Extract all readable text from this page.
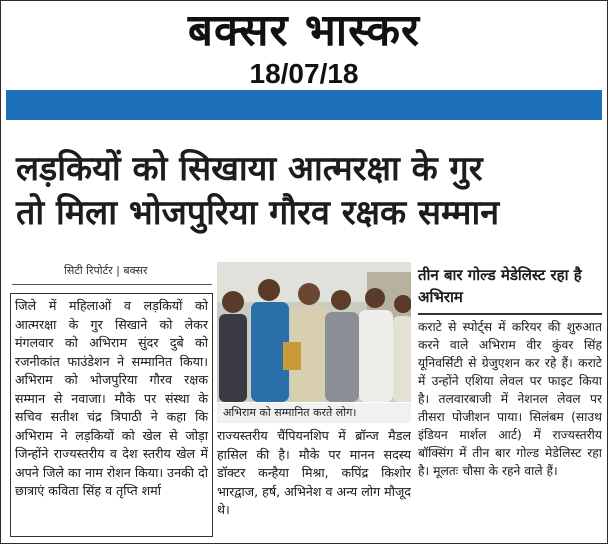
बक्सर भास्कर
18/07/18
लड़कियों को सिखाया आत्मरक्षा के गुर
तो मिला भोजपुरिया गौरव रक्षक सम्मान
सिटी रिपोर्टर | बक्सर
जिले में महिलाओं व लड़कियों को आत्मरक्षा के गुर सिखाने को लेकर मंगलवार को अभिराम सुंदर दुबे को रजनीकांत फाउंडेशन ने सम्मानित किया। अभिराम को भोजपुरिया गौरव रक्षक सम्मान से नवाजा। मौके पर संस्था के सचिव सतीश चंद्र त्रिपाठी ने कहा कि अभिराम ने लड़कियों को खेल से जोड़ा जिन्होंने राज्यस्तरीय व देश स्तरीय खेल में अपने जिले का नाम रोशन किया। उनकी दो छात्राएं कविता सिंह व तृप्ति शर्मा
अभिराम को सम्मानित करते लोग।
राज्यस्तरीय चैंपियनशिप में ब्रॉन्ज मैडल हासिल की है। मौके पर मानन सदस्य डॉक्टर कन्हैया मिश्रा, कपिंद्र किशोर भारद्वाज, हर्ष, अभिनेश व अन्य लोग मौजूद थे।
तीन बार गोल्ड मेडेलिस्ट रहा है अभिराम
कराटे से स्पोर्ट्स में करियर की शुरुआत करने वाले अभिराम वीर कुंवर सिंह यूनिवर्सिटी से ग्रेजुएशन कर रहे हैं। कराटे में उन्होंने एशिया लेवल पर फाइट किया है। तलवारबाजी में नेशनल लेवल पर तीसरा पोजीशन पाया। सिलंबम (साउथ इंडियन मार्शल आर्ट) में राज्यस्तरीय बॉक्सिंग में तीन बार गोल्ड मेडेलिस्ट रहा है। मूलतः चौसा के रहने वाले हैं।
